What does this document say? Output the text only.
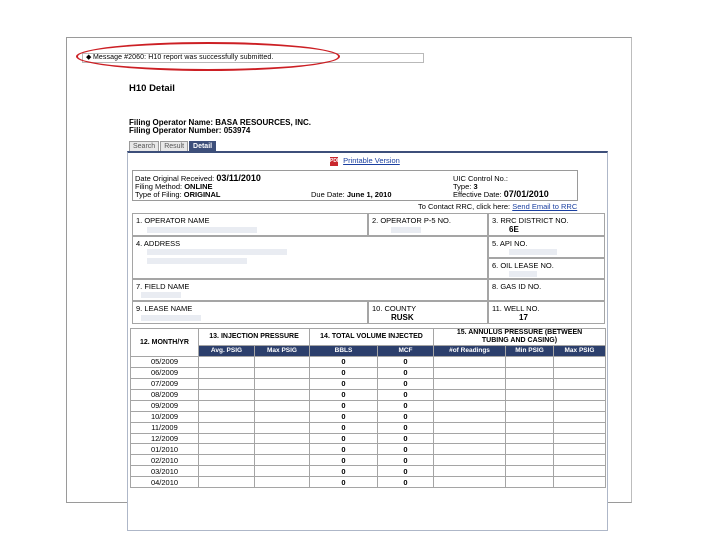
◆ Message #2060: H10 report was successfully submitted.
H10 Detail
Filing Operator Name: BASA RESOURCES, INC.
Filing Operator Number: 053974
Search	Result	Detail
PDF Printable Version
Date Original Received: 03/11/2010
Filing Method: ONLINE
Type of Filing: ORIGINAL	Due Date: June 1, 2010
UIC Control No.:
Type: 3
Effective Date: 07/01/2010
To Contact RRC, click here: Send Email to RRC
1. OPERATOR NAME	2. OPERATOR P-5 NO.	3. RRC DISTRICT NO.
6E
4. ADDRESS	5. API NO.
6. OIL LEASE NO.
7. FIELD NAME	8. GAS ID NO.
9. LEASE NAME	10. COUNTY
RUSK
11. WELL NO.
17
12. MONTH/YR	13. INJECTION PRESSURE		14. TOTAL VOLUME INJECTED		15. ANNULUS PRESSURE (BETWEEN
TUBING AND CASING)		
	Avg. PSIG	Max PSIG	BBLS	MCF	#of Readings	Min PSIG	Max PSIG
05/2009			0	0			
06/2009			0	0			
07/2009			0	0			
08/2009			0	0			
09/2009			0	0			
10/2009			0	0			
11/2009			0	0			
12/2009			0	0			
01/2010			0	0			
02/2010			0	0			
03/2010			0	0			
04/2010			0	0			
